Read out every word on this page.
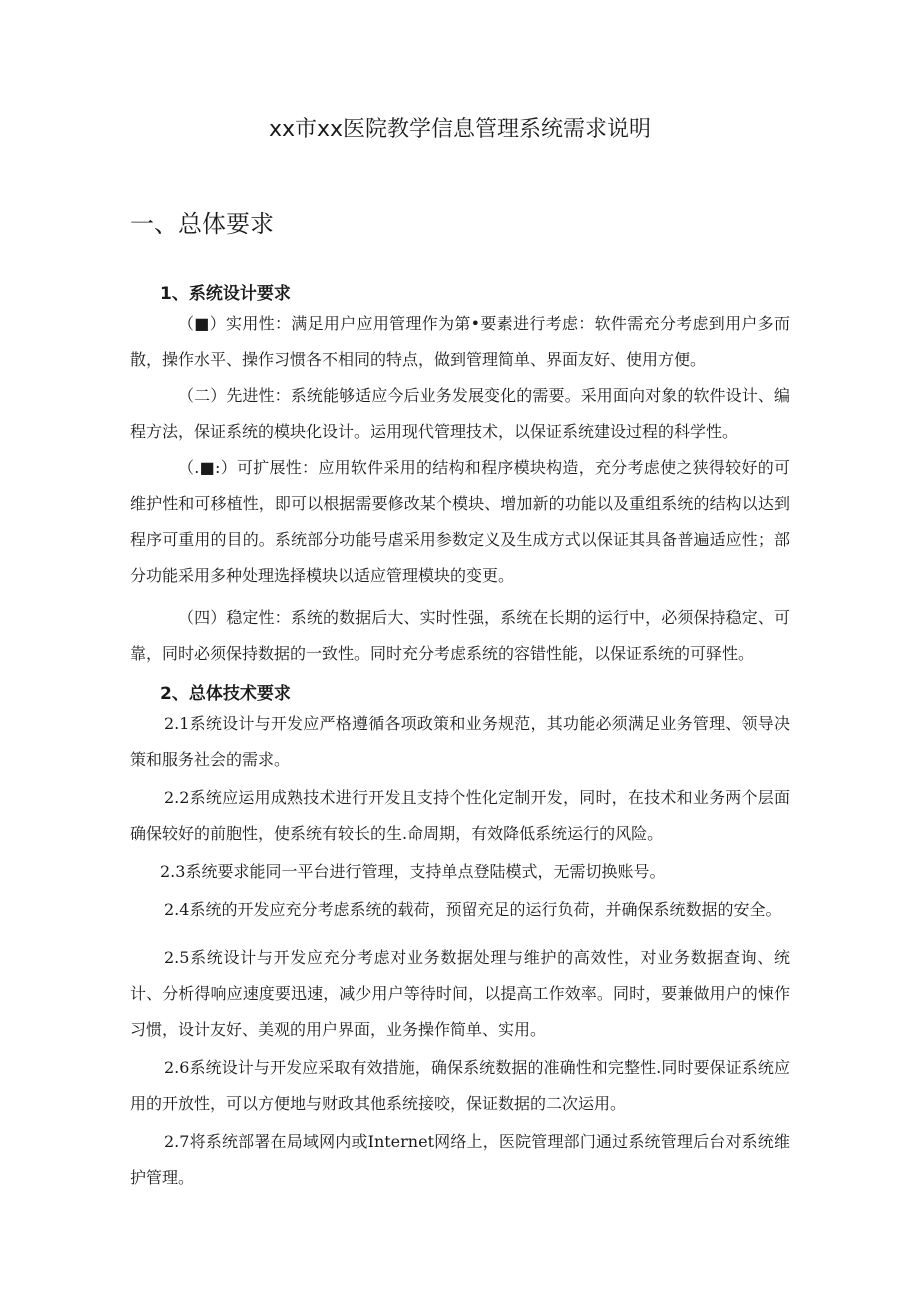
xx市xx医院教学信息管理系统需求说明
一、总体要求
1、系统设计要求

（■）实用性：满足用户应用管理作为第•要素进行考虑：软件需充分考虑到用户多而散，操作水平、操作习惯各不相同的特点，做到管理简单、界面友好、使用方便。

（二）先进性：系统能够适应今后业务发展变化的需要。采用面向对象的软件设计、编程方法，保证系统的模块化设计。运用现代管理技术，以保证系统建设过程的科学性。

（.■:）可扩展性：应用软件采用的结构和程序模块构造，充分考虑使之狭得较好的可维护性和可移植性，即可以根据需要修改某个模块、增加新的功能以及重组系统的结构以达到程序可重用的目的。系统部分功能号虐采用参数定义及生成方式以保证其具备普遍适应性；部分功能采用多种处理选择模块以适应管理模块的变更。

（四）稳定性：系统的数据后大、实时性强，系统在长期的运行中，必须保持稳定、可靠，同时必须保持数据的一致性。同时充分考虑系统的容错性能，以保证系统的可驿性。

2、总体技术要求

2.1系统设计与开发应严格遵循各项政策和业务规范，其功能必须满足业务管理、领导决策和服务社会的需求。

2.2系统应运用成熟技术进行开发且支持个性化定制开发，同时，在技术和业务两个层面确保较好的前胞性，使系统有较长的生.命周期，有效降低系统运行的风险。

2.3系统要求能同一平台进行管理，支持单点登陆模式，无需切换账号。

2.4系统的开发应充分考虑系统的载荷，预留充足的运行负荷，并确保系统数据的安全。

2.5系统设计与开发应充分考虑对业务数据处理与维护的高效性，对业务数据查询、统计、分析得响应速度要迅速，减少用户等待时间，以提高工作效率。同时，要兼做用户的悚作习惯，设计友好、美观的用户界面，业务操作简单、实用。

2.6系统设计与开发应采取有效措施，确保系统数据的准确性和完整性.同时要保证系统应用的开放性，可以方便地与财政其他系统接咬，保证数据的二次运用。

2.7将系统部署在局域网内或Internet网络上，医院管理部门通过系统管理后台对系统维护管理。
